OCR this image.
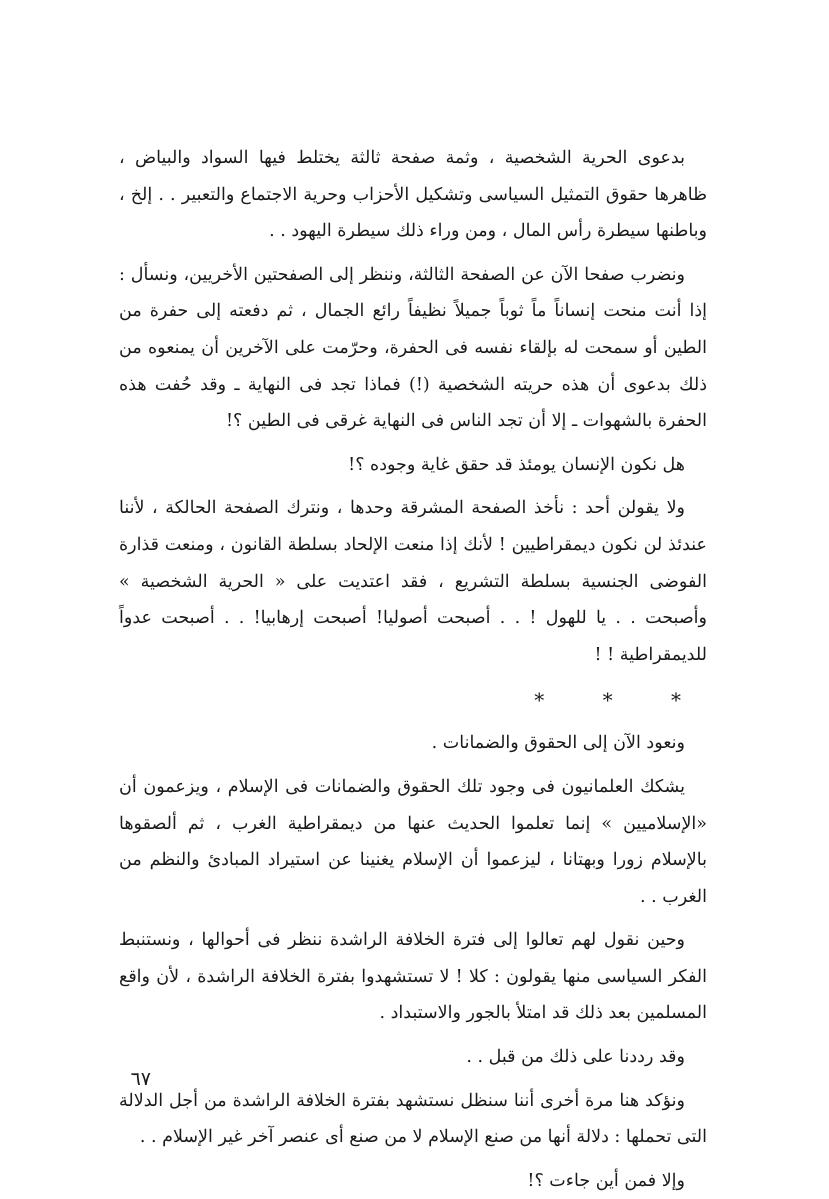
بدعوى الحرية الشخصية ، وثمة صفحة ثالثة يختلط فيها السواد والبياض ، ظاهرها حقوق التمثيل السياسى وتشكيل الأحزاب وحرية الاجتماع والتعبير . . إلخ ، وباطنها سيطرة رأس المال ، ومن وراء ذلك سيطرة اليهود . .

ونضرب صفحا الآن عن الصفحة الثالثة، وننظر إلى الصفحتين الأخريين، ونسأل : إذا أنت منحت إنساناً ماً ثوباً جميلاً نظيفاً رائع الجمال ، ثم دفعته إلى حفرة من الطين أو سمحت له بإلقاء نفسه فى الحفرة، وحرّمت على الآخرين أن يمنعوه من ذلك بدعوى أن هذه حريته الشخصية (!) فماذا تجد فى النهاية ـ وقد حُفت هذه الحفرة بالشهوات ـ إلا أن تجد الناس فى النهاية غرقى فى الطين ؟!

هل نكون الإنسان يومئذ قد حقق غاية وجوده ؟!

ولا يقولن أحد : نأخذ الصفحة المشرقة وحدها ، ونترك الصفحة الحالكة ، لأننا عندئذ لن نكون ديمقراطيين ! لأنك إذا منعت الإلحاد بسلطة القانون ، ومنعت قذارة الفوضى الجنسية بسلطة التشريع ، فقد اعتديت على « الحرية الشخصية » وأصبحت . . يا للهول ! . . أصبحت أصوليا! أصبحت إرهابيا! . . أصبحت عدواً للديمقراطية ! !

* * *

ونعود الآن إلى الحقوق والضمانات .

يشكك العلمانيون فى وجود تلك الحقوق والضمانات فى الإسلام ، ويزعمون أن «الإسلاميين » إنما تعلموا الحديث عنها من ديمقراطية الغرب ، ثم ألصقوها بالإسلام زورا وبهتانا ، ليزعموا أن الإسلام يغنينا عن استيراد المبادئ والنظم من الغرب . .

وحين نقول لهم تعالوا إلى فترة الخلافة الراشدة ننظر فى أحوالها ، ونستنبط الفكر السياسى منها يقولون : كلا ! لا تستشهدوا بفترة الخلافة الراشدة ، لأن واقع المسلمين بعد ذلك قد امتلأ بالجور والاستبداد .

وقد رددنا على ذلك من قبل . .

ونؤكد هنا مرة أخرى أننا سنظل نستشهد بفترة الخلافة الراشدة من أجل الدلالة التى تحملها : دلالة أنها من صنع الإسلام لا من صنع أى عنصر آخر غير الإسلام . .

وإلا فمن أين جاءت ؟!

٦٧
